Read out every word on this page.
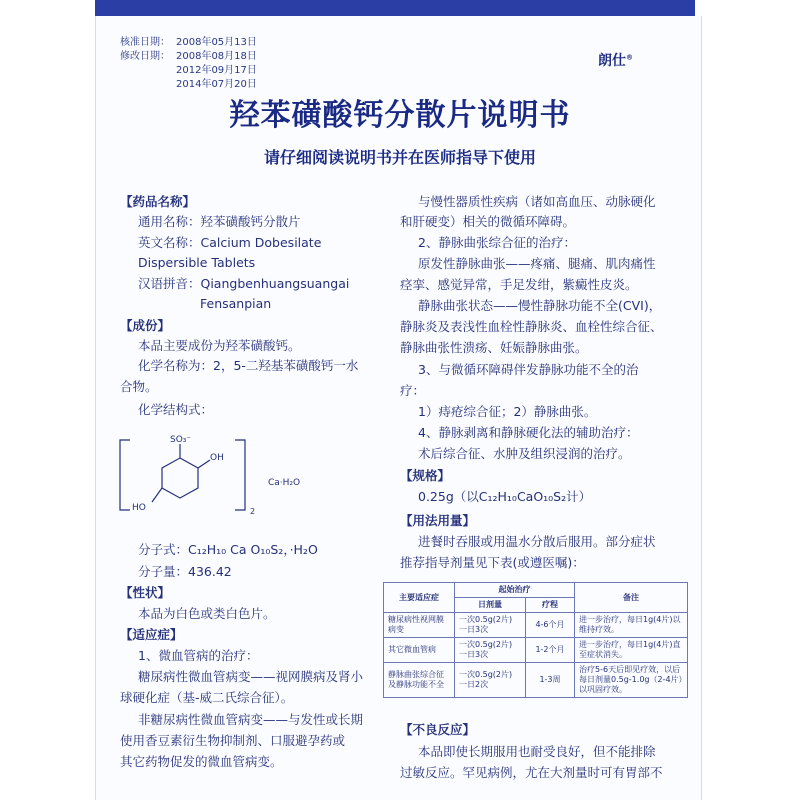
核准日期： 2008年05月13日
修改日期： 2008年08月18日
2012年09月17日
2014年07月20日
朗仕®
羟苯磺酸钙分散片说明书
请仔细阅读说明书并在医师指导下使用
【药品名称】
通用名称：羟苯磺酸钙分散片
英文名称：Calcium Dobesilate
Dispersible Tablets
汉语拼音：Qiangbenhuangsuangai
Fensanpian
【成份】
本品主要成份为羟苯磺酸钙。
化学名称为：2，5-二羟基苯磺酸钙一水
合物。
化学结构式：
SO₃⁻
OH
HO	2
Ca·H₂O
分子式：C₁₂H₁₀ Ca O₁₀S₂，·H₂O
分子量：436.42
【性状】
本品为白色或类白色片。
【适应症】
1、微血管病的治疗：
糖尿病性微血管病变——视网膜病及肾小
球硬化症（基-威二氏综合征）。
非糖尿病性微血管病变——与发性或长期
使用香豆素衍生物抑制剂、口服避孕药或
其它药物促发的微血管病变。
与慢性器质性疾病（诸如高血压、动脉硬化
和肝硬变）相关的微循环障碍。
2、静脉曲张综合征的治疗：
原发性静脉曲张——疼痛、腿痛、肌肉痛性
痉挛、感觉异常，手足发绀，紫癜性皮炎。
静脉曲张状态——慢性静脉功能不全(CVI)，
静脉炎及表浅性血栓性静脉炎、血栓性综合征、
静脉曲张性溃疡、妊娠静脉曲张。
3、与微循环障碍伴发静脉功能不全的治
疗：
1）痔疮综合征；2）静脉曲张。
4、静脉剥离和静脉硬化法的辅助治疗：
术后综合征、水肿及组织浸润的治疗。
【规格】
0.25g（以C₁₂H₁₀CaO₁₀S₂计）
【用法用量】
进餐时吞服或用温水分散后服用。部分症状
推荐指导剂量见下表(或遵医嘱)：
主要适应症	起始治疗		备注
	日剂量	疗程	
糖尿病性视网膜病变	一次0.5g(2片) 一日3次	4-6个月	进一步治疗，每日1g(4片)以维持疗效。
其它微血管病	一次0.5g(2片) 一日3次	1-2个月	进一步治疗，每日1g(4片)直至症状消失。
静脉曲张综合征及静脉功能不全	一次0.5g(2片) 一日2次	1-3周	治疗5-6天后即见疗效，以后每日剂量0.5g-1.0g（2-4片）以巩固疗效。
【不良反应】
本品即使长期服用也耐受良好，但不能排除
过敏反应。罕见病例，尤在大剂量时可有胃部不
